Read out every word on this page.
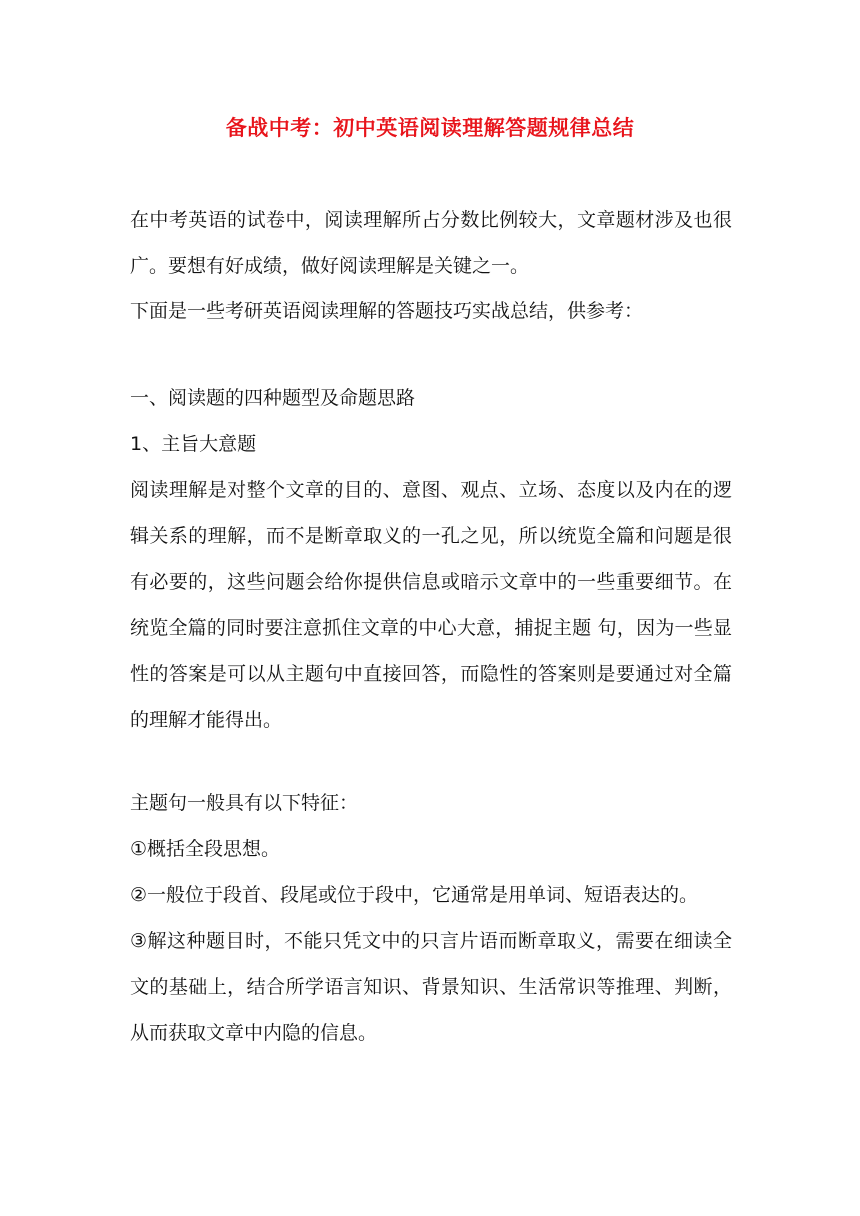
备战中考：初中英语阅读理解答题规律总结
在中考英语的试卷中，阅读理解所占分数比例较大，文章题材涉及也很广。要想有好成绩，做好阅读理解是关键之一。
下面是一些考研英语阅读理解的答题技巧实战总结，供参考：
一、阅读题的四种题型及命题思路
1、主旨大意题
阅读理解是对整个文章的目的、意图、观点、立场、态度以及内在的逻辑关系的理解，而不是断章取义的一孔之见，所以统览全篇和问题是很有必要的，这些问题会给你提供信息或暗示文章中的一些重要细节。在统览全篇的同时要注意抓住文章的中心大意，捕捉主题 句，因为一些显性的答案是可以从主题句中直接回答，而隐性的答案则是要通过对全篇的理解才能得出。
主题句一般具有以下特征：
①概括全段思想。
②一般位于段首、段尾或位于段中，它通常是用单词、短语表达的。
③解这种题目时，不能只凭文中的只言片语而断章取义，需要在细读全文的基础上，结合所学语言知识、背景知识、生活常识等推理、判断，从而获取文章中内隐的信息。
